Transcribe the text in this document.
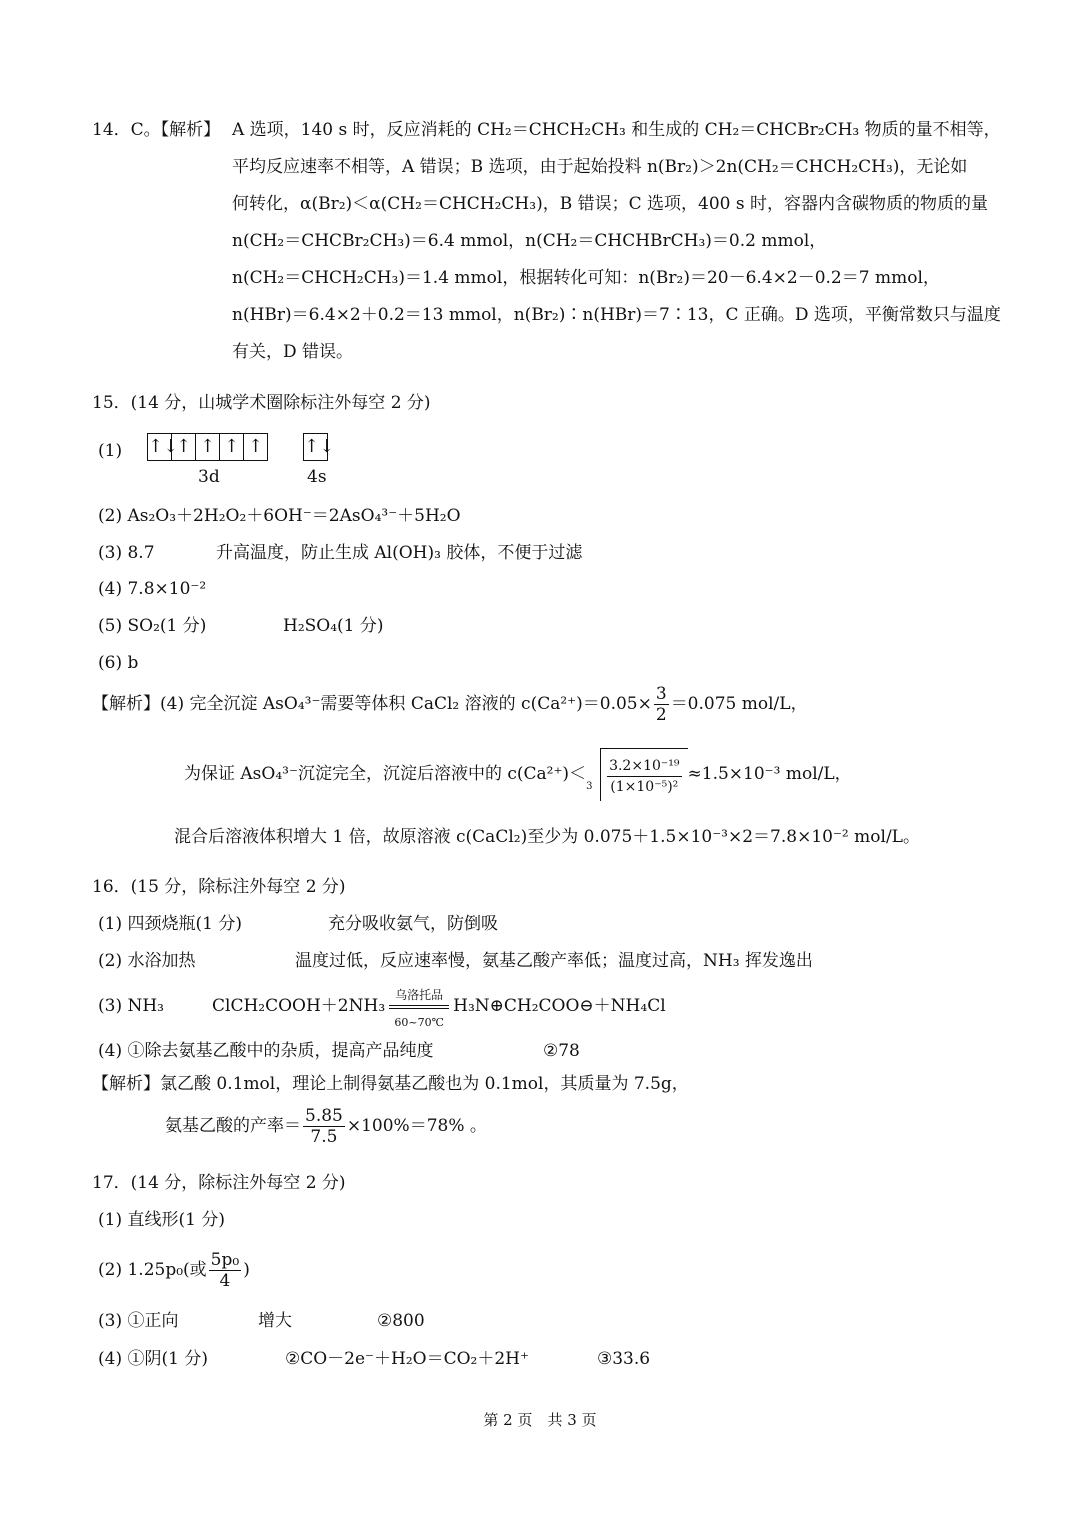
14．C。【解析】 A 选项，140 s 时，反应消耗的 CH₂＝CHCH₂CH₃ 和生成的 CH₂＝CHCBr₂CH₃ 物质的量不相等，
平均反应速率不相等，A 错误；B 选项，由于起始投料 n(Br₂)＞2n(CH₂＝CHCH₂CH₃)，无论如
何转化，α(Br₂)＜α(CH₂＝CHCH₂CH₃)，B 错误；C 选项，400 s 时，容器内含碳物质的物质的量
n(CH₂＝CHCBr₂CH₃)＝6.4 mmol，n(CH₂＝CHCHBrCH₃)＝0.2 mmol，
n(CH₂＝CHCH₂CH₃)＝1.4 mmol，根据转化可知：n(Br₂)＝20－6.4×2－0.2＝7 mmol，
n(HBr)＝6.4×2＋0.2＝13 mmol，n(Br₂)∶n(HBr)＝7∶13，C 正确。D 选项，平衡常数只与温度
有关，D 错误。
15．(14 分，山城学术圈除标注外每空 2 分)
(1) ↑↓
↑ ↑ ↑ ↑ ↑↓
3d	4s
(2) As₂O₃＋2H₂O₂＋6OH⁻＝2AsO₄³⁻＋5H₂O
(3) 8.7	升高温度，防止生成 Al(OH)₃ 胶体，不便于过滤
(4) 7.8×10⁻²
(5) SO₂(1 分)	H₂SO₄(1 分)
(6) b
【解析】(4) 完全沉淀 AsO₄³⁻需要等体积 CaCl₂ 溶液的 $c(Ca^{2+})=0.05\times \frac{3}{2} =0.075$ mol/L，
为保证 AsO₄³⁻沉淀完全，沉淀后溶液中的 c(Ca²⁺)＜
$3 \frac{\text{3.2×10⁻¹⁹}}{\text{(1×10⁻⁵)²}} \approx 1.5\times 10^{-3}$ mol/L，
混合后溶液体积增大 1 倍，故原溶液 c(CaCl₂)至少为 0.075＋1.5×10⁻³×2＝7.8×10⁻² mol/L。
16．(15 分，除标注外每空 2 分)
(1) 四颈烧瓶(1 分)	充分吸收氨气，防倒吸
(2) 水浴加热	温度过低，反应速率慢，氨基乙酸产率低；温度过高，NH₃ 挥发逸出
(3) NH₃	ClCH₂COOH＋2NH₃
乌洛托品
60~70℃
H₃N⊕CH₂COO⊖＋NH₄Cl
(4) ①除去氨基乙酸中的杂质，提高产品纯度	②78
【解析】氯乙酸 0.1mol，理论上制得氨基乙酸也为 0.1mol，其质量为 7.5g，
氨基乙酸的产率＝ $\frac{5.85}{7.5} \times 100\%=78\%$ 。
17．(14 分，除标注外每空 2 分)
(1) 直线形(1 分)
(2) 1.25p₀(或 $\frac{\text{5p₀}}{4}$ )
(3) ①正向	增大	②800
(4) ①阴(1 分)	②CO－2e⁻＋H₂O＝CO₂＋2H⁺	③33.6
第 2 页　共 3 页
